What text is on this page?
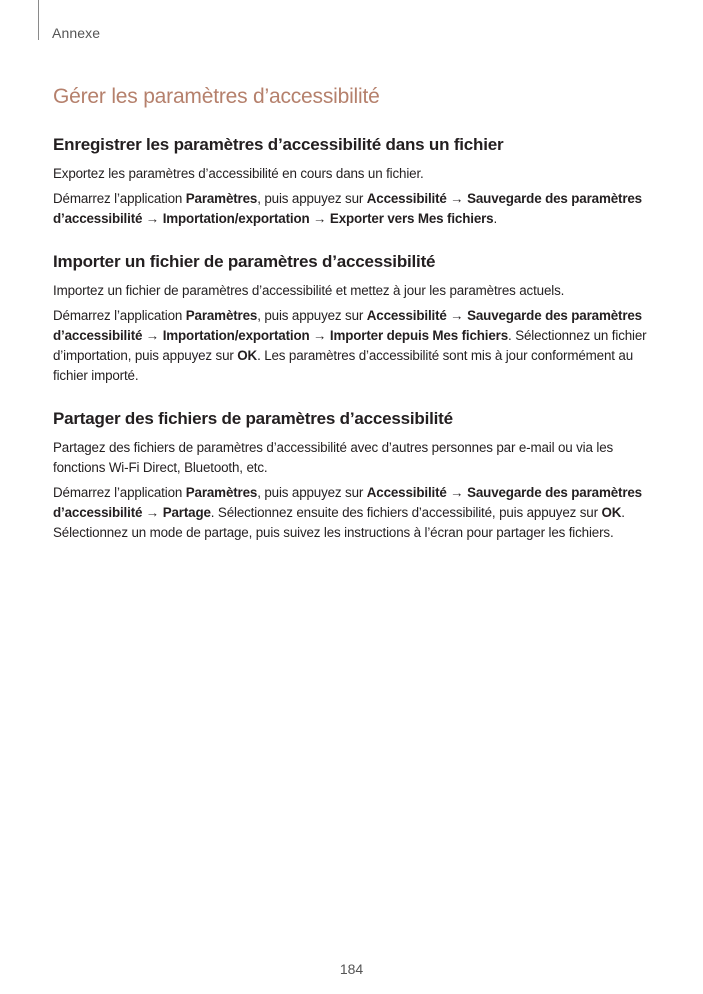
Annexe
Gérer les paramètres d’accessibilité
Enregistrer les paramètres d’accessibilité dans un fichier

Exportez les paramètres d’accessibilité en cours dans un fichier.

Démarrez l’application Paramètres, puis appuyez sur Accessibilité → Sauvegarde des paramètres d’accessibilité → Importation/exportation → Exporter vers Mes fichiers.

Importer un fichier de paramètres d’accessibilité

Importez un fichier de paramètres d’accessibilité et mettez à jour les paramètres actuels.

Démarrez l’application Paramètres, puis appuyez sur Accessibilité → Sauvegarde des paramètres d’accessibilité → Importation/exportation → Importer depuis Mes fichiers. Sélectionnez un fichier d’importation, puis appuyez sur OK. Les paramètres d’accessibilité sont mis à jour conformément au fichier importé.

Partager des fichiers de paramètres d’accessibilité

Partagez des fichiers de paramètres d’accessibilité avec d’autres personnes par e-mail ou via les fonctions Wi-Fi Direct, Bluetooth, etc.

Démarrez l’application Paramètres, puis appuyez sur Accessibilité → Sauvegarde des paramètres d’accessibilité → Partage. Sélectionnez ensuite des fichiers d’accessibilité, puis appuyez sur OK. Sélectionnez un mode de partage, puis suivez les instructions à l’écran pour partager les fichiers.

184
